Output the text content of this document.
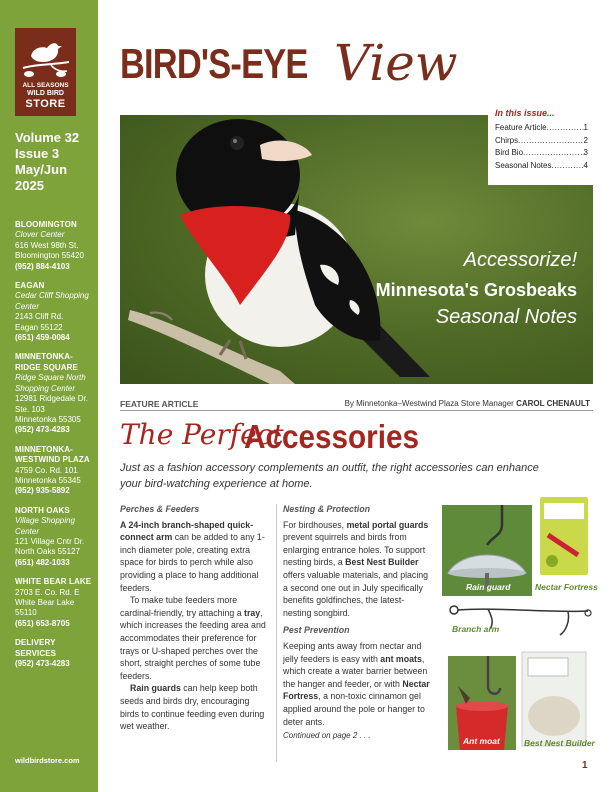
ALL SEASONS
WILD BIRD
STORE
Volume 32
Issue 3
May/Jun
2025
BLOOMINGTON
Clover Center
616 West 98th St.
Bloomington 55420
(952) 884-4103
EAGAN
Cedar Cliff Shopping Center
2143 Cliff Rd.
Eagan 55122
(651) 459-0084
MINNETONKA-RIDGE SQUARE
Ridge Square North Shopping Center
12981 Ridgedale Dr. Ste. 103
Minnetonka 55305
(952) 473-4283
MINNETONKA-WESTWIND PLAZA
4759 Co. Rd. 101
Minnetonka 55345
(952) 935-5892
NORTH OAKS
Village Shopping Center
121 Village Cntr Dr.
North Oaks 55127
(651) 482-1033
WHITE BEAR LAKE
2703 E. Co. Rd. E
White Bear Lake 55110
(651) 653-8705
DELIVERY SERVICES
(952) 473-4283
wildbirdstore.com
BIRD'S-EYE View
Accessorize!
Minnesota's Grosbeaks
Seasonal Notes
In this issue...
Feature Article .....	1
Chirps .....	2
Bird Bio .....	3
Seasonal Notes .....	4
FEATURE ARTICLE	By Minnetonka–Westwind Plaza Store Manager CAROL CHENAULT
The Perfect
Accessories
Just as a fashion accessory complements an outfit, the right accessories can enhance your bird-watching experience at home.
Perches & Feeders

A 24-inch branch-shaped quick-connect arm can be added to any 1-inch diameter pole, creating extra space for birds to perch while also providing a place to hang additional feeders.

To make tube feeders more cardinal-friendly, try attaching a tray, which increases the feeding area and accommodates their preference for trays or U-shaped perches over the short, straight perches of some tube feeders.

Rain guards can help keep both seeds and birds dry, encouraging birds to continue feeding even during wet weather.

Nesting & Protection

For birdhouses, metal portal guards prevent squirrels and birds from enlarging entrance holes. To support nesting birds, a Best Nest Builder offers valuable materials, and placing a second one out in July specifically benefits goldfinches, the latest-nesting songbird.

Pest Prevention

Keeping ants away from nectar and jelly feeders is easy with ant moats, which create a water barrier between the hanger and feeder, or with Nectar Fortress, a non-toxic cinnamon gel applied around the pole or hanger to deter ants.

Continued on page 2 . . .
Rain guard	Nectar Fortress
Branch arm
Ant moat	Best Nest Builder
1
